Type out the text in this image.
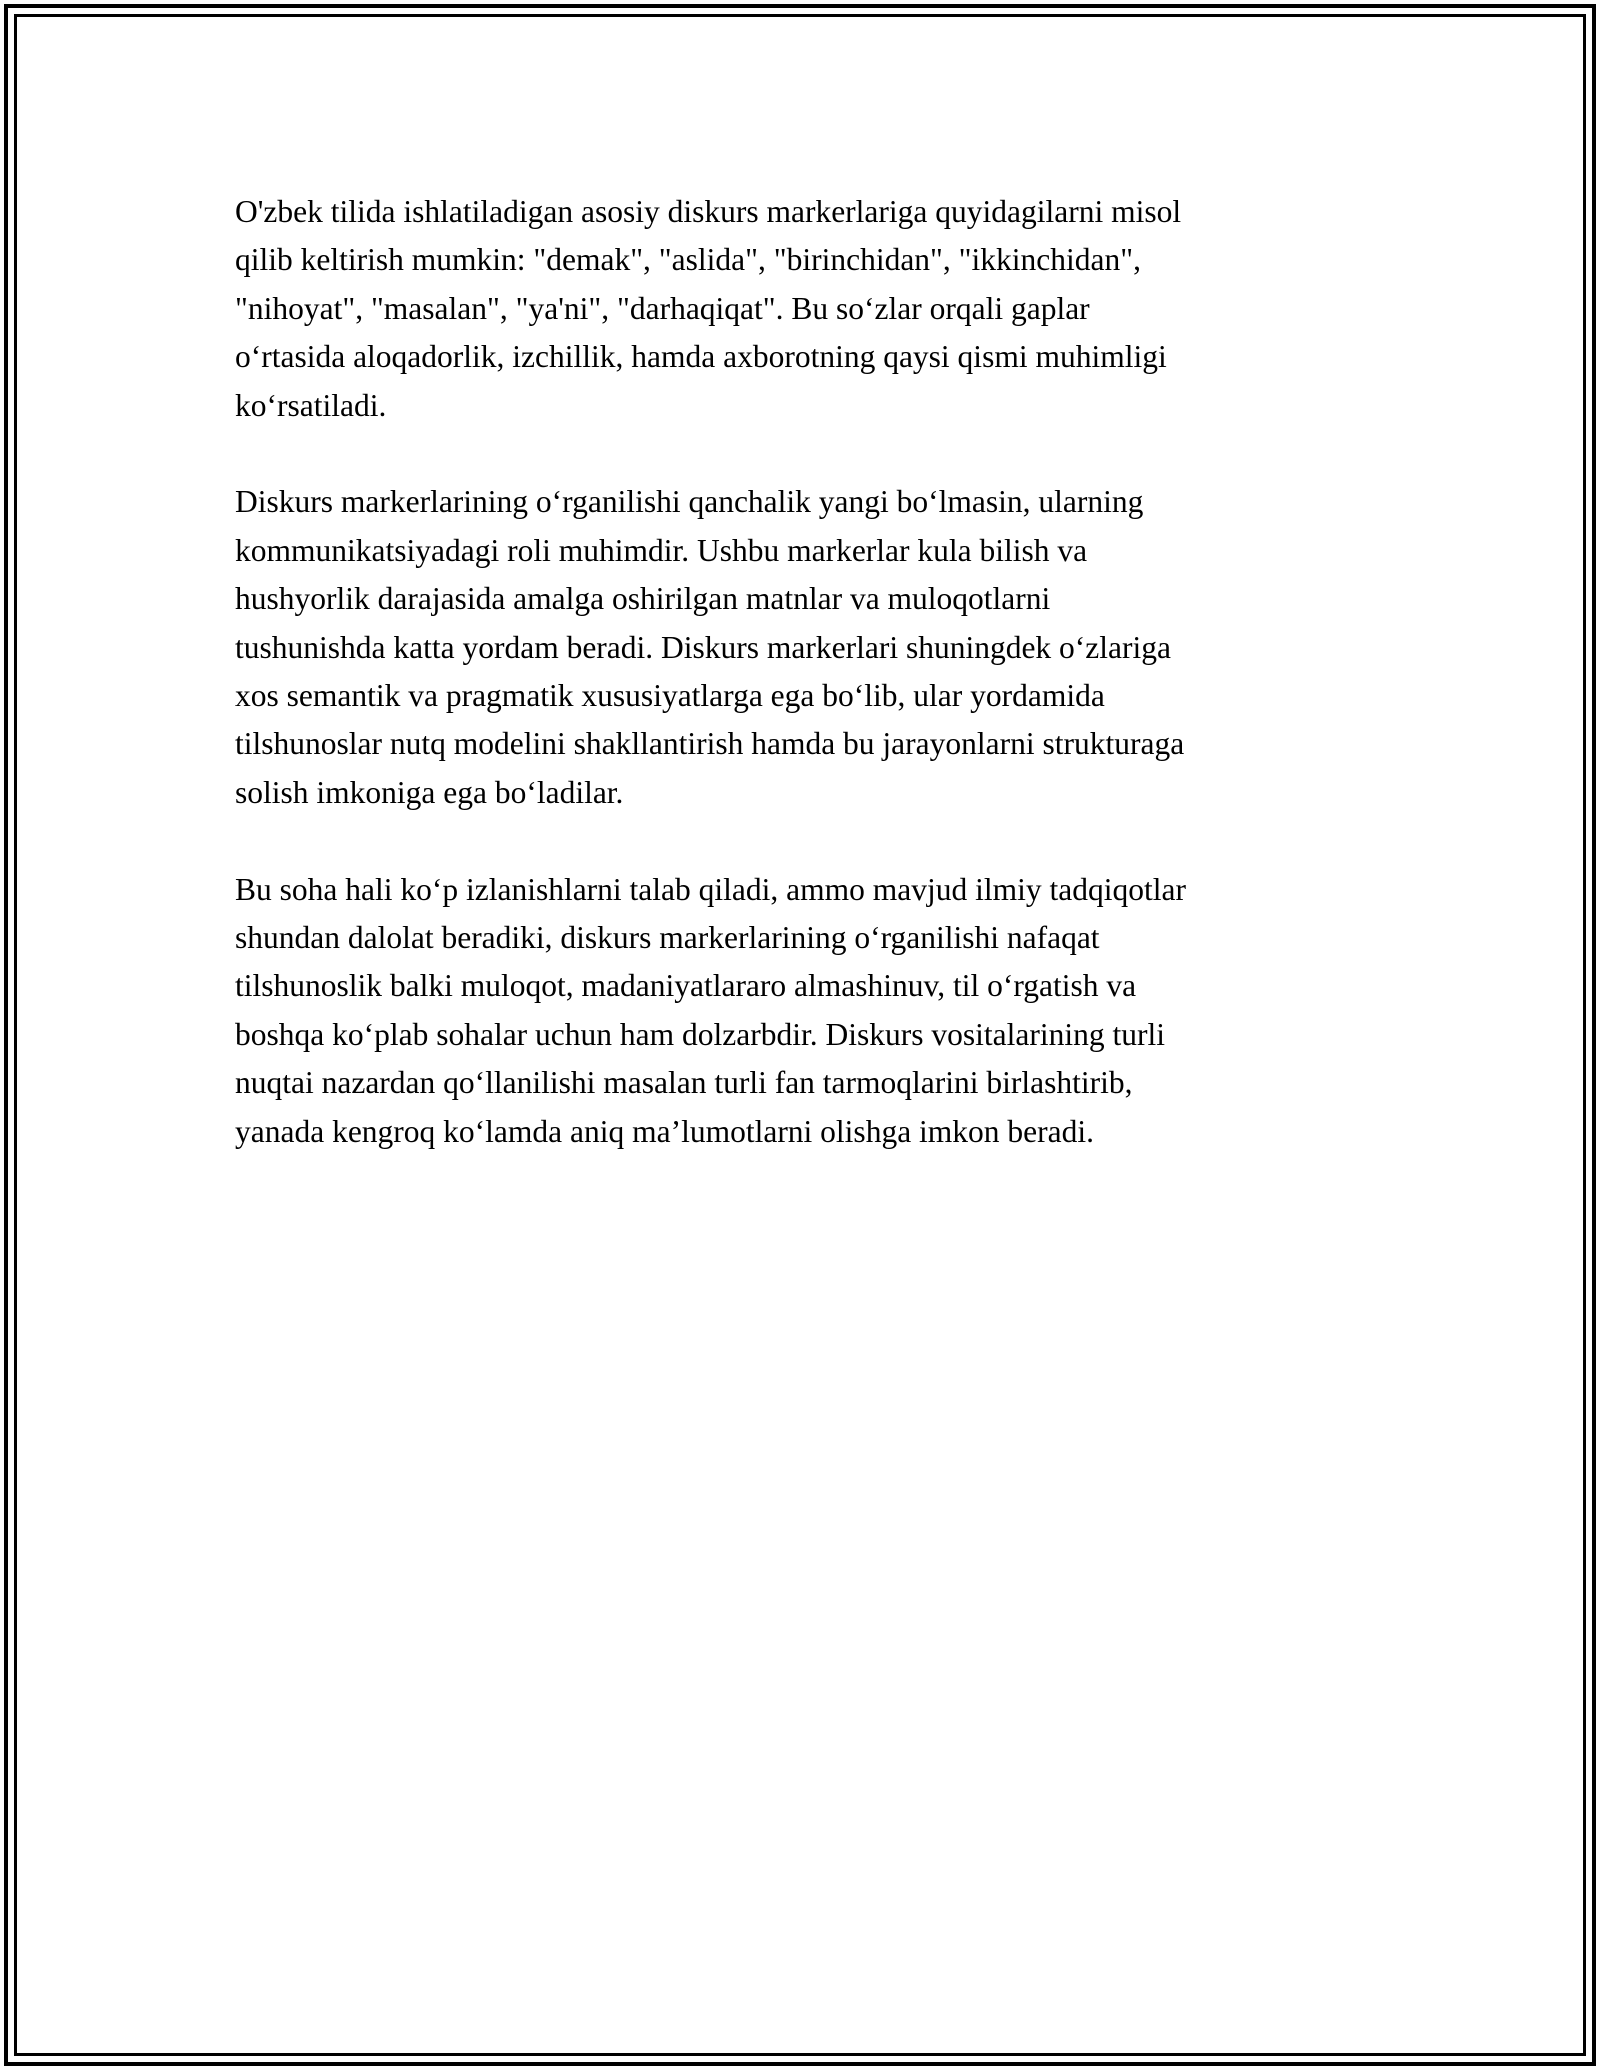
O'zbek tilida ishlatiladigan asosiy diskurs markerlariga quyidagilarni misol
qilib keltirish mumkin: "demak", "aslida", "birinchidan", "ikkinchidan",
"nihoyat", "masalan", "ya'ni", "darhaqiqat". Bu so‘zlar orqali gaplar
o‘rtasida aloqadorlik, izchillik, hamda axborotning qaysi qismi muhimligi
ko‘rsatiladi.

Diskurs markerlarining o‘rganilishi qanchalik yangi bo‘lmasin, ularning
kommunikatsiyadagi roli muhimdir. Ushbu markerlar kula bilish va
hushyorlik darajasida amalga oshirilgan matnlar va muloqotlarni
tushunishda katta yordam beradi. Diskurs markerlari shuningdek o‘zlariga
xos semantik va pragmatik xususiyatlarga ega bo‘lib, ular yordamida
tilshunoslar nutq modelini shakllantirish hamda bu jarayonlarni strukturaga
solish imkoniga ega bo‘ladilar.

Bu soha hali ko‘p izlanishlarni talab qiladi, ammo mavjud ilmiy tadqiqotlar
shundan dalolat beradiki, diskurs markerlarining o‘rganilishi nafaqat
tilshunoslik balki muloqot, madaniyatlararo almashinuv, til o‘rgatish va
boshqa ko‘plab sohalar uchun ham dolzarbdir. Diskurs vositalarining turli
nuqtai nazardan qo‘llanilishi masalan turli fan tarmoqlarini birlashtirib,
yanada kengroq ko‘lamda aniq ma’lumotlarni olishga imkon beradi.
